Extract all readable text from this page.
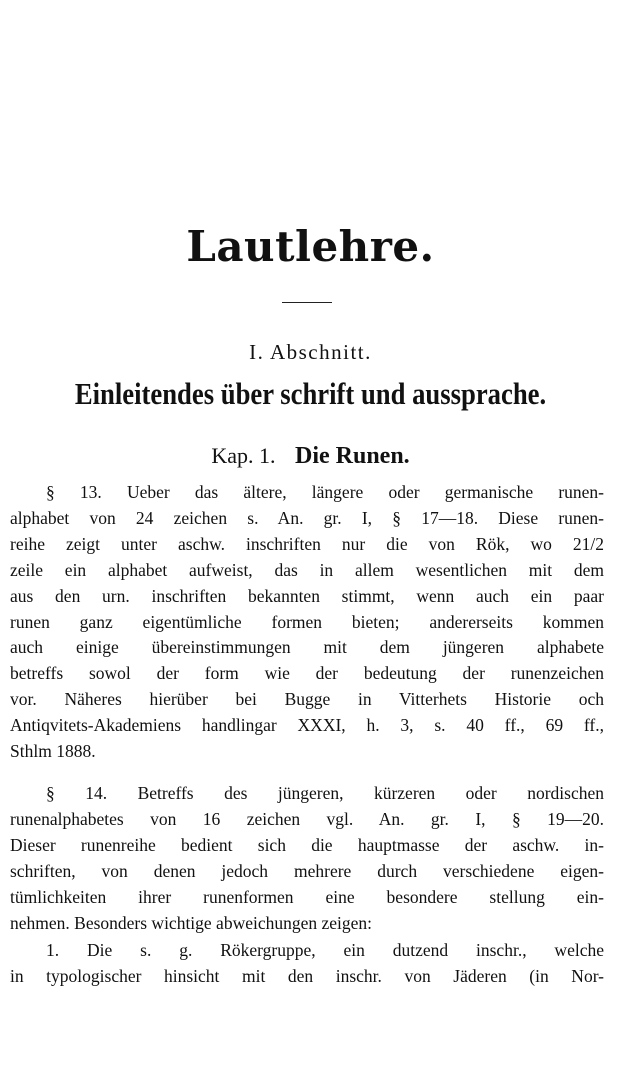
Lautlehre.
I. Abschnitt.
Einleitendes über schrift und aussprache.
Kap. 1. Die Runen.
§ 13. Ueber das ältere, längere oder germanische runen-
alphabet von 24 zeichen s. An. gr. I, § 17—18. Diese runen-
reihe zeigt unter aschw. inschriften nur die von Rök, wo 21/2
zeile ein alphabet aufweist, das in allem wesentlichen mit dem
aus den urn. inschriften bekannten stimmt, wenn auch ein paar
runen ganz eigentümliche formen bieten; andererseits kommen
auch einige übereinstimmungen mit dem jüngeren alphabete
betreffs sowol der form wie der bedeutung der runenzeichen
vor. Näheres hierüber bei Bugge in Vitterhets Historie och
Antiqvitets-Akademiens handlingar XXXI, h. 3, s. 40 ff., 69 ff.,
Sthlm 1888.
§ 14. Betreffs des jüngeren, kürzeren oder nordischen
runenalphabetes von 16 zeichen vgl. An. gr. I, § 19—20.
Dieser runenreihe bedient sich die hauptmasse der aschw. in-
schriften, von denen jedoch mehrere durch verschiedene eigen-
tümlichkeiten ihrer runenformen eine besondere stellung ein-
nehmen. Besonders wichtige abweichungen zeigen:
1. Die s. g. Rökergruppe, ein dutzend inschr., welche
in typologischer hinsicht mit den inschr. von Jäderen (in Nor-
